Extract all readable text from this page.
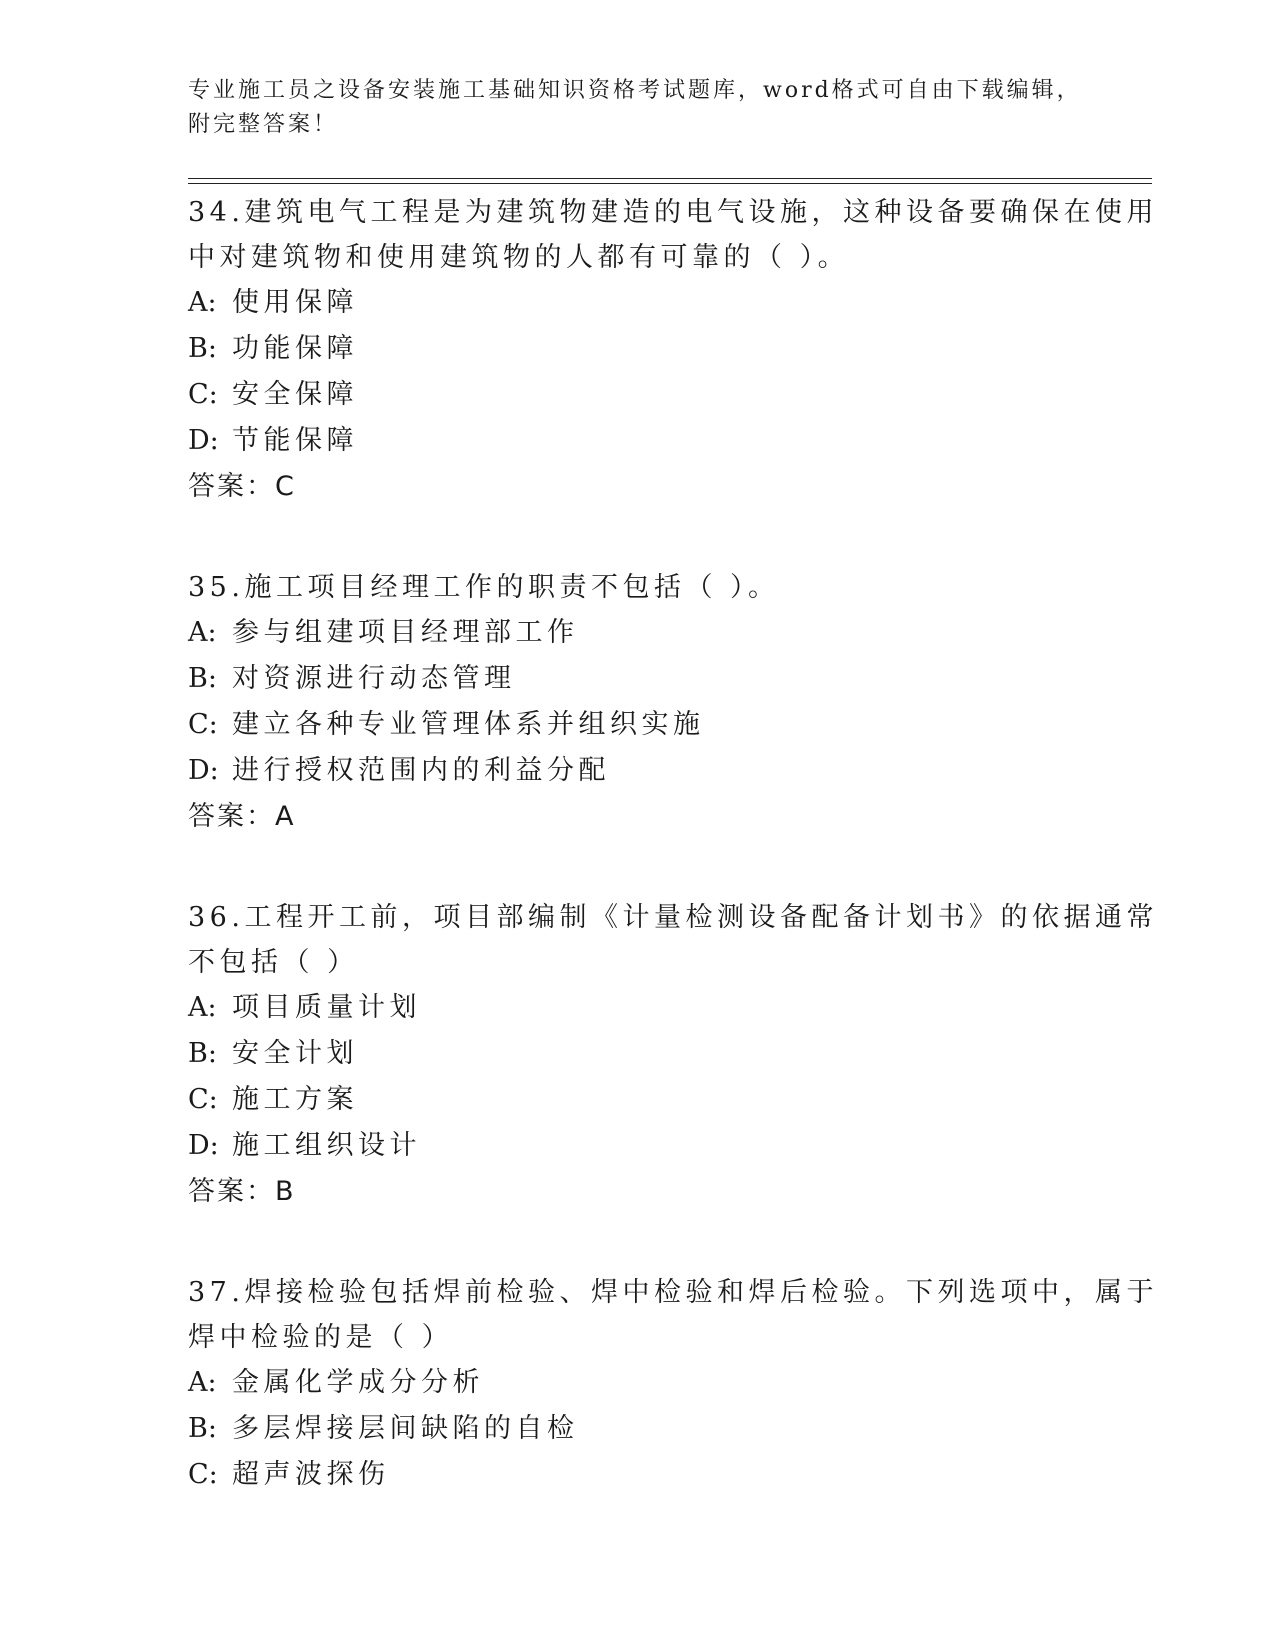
专业施工员之设备安装施工基础知识资格考试题库，word格式可自由下载编辑，
附完整答案！
34.建筑电气工程是为建筑物建造的电气设施，这种设备要确保在使用
中对建筑物和使用建筑物的人都有可靠的（ ）。
A: 使用保障
B: 功能保障
C: 安全保障
D: 节能保障
答案：C
35.施工项目经理工作的职责不包括（ ）。
A: 参与组建项目经理部工作
B: 对资源进行动态管理
C: 建立各种专业管理体系并组织实施
D: 进行授权范围内的利益分配
答案：A
36.工程开工前，项目部编制《计量检测设备配备计划书》的依据通常
不包括（ ）
A: 项目质量计划
B: 安全计划
C: 施工方案
D: 施工组织设计
答案：B
37.焊接检验包括焊前检验、焊中检验和焊后检验。下列选项中，属于
焊中检验的是（ ）
A: 金属化学成分分析
B: 多层焊接层间缺陷的自检
C: 超声波探伤
